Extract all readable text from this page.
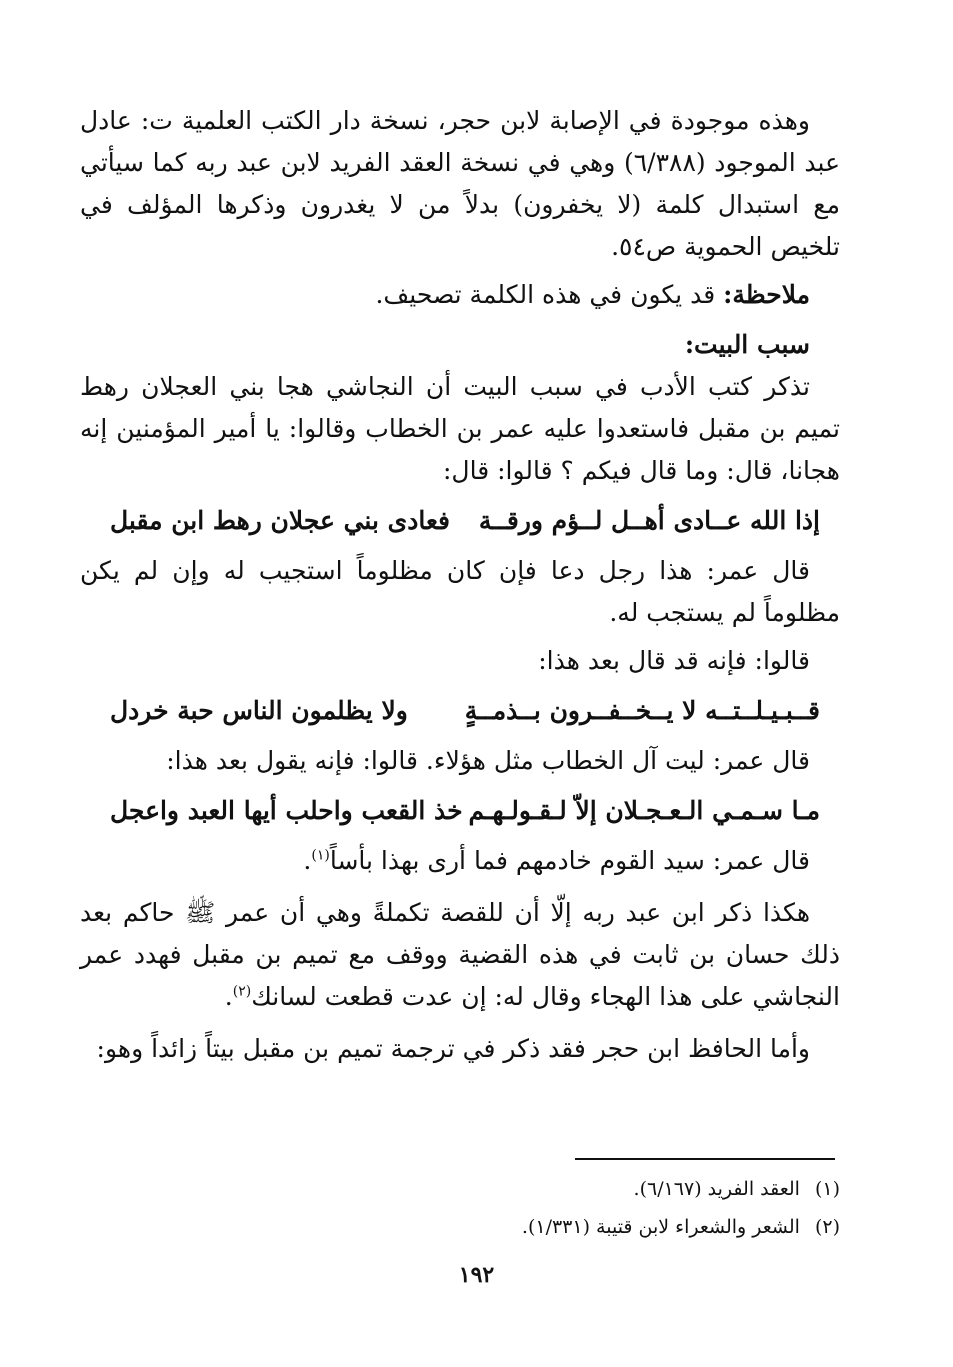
وهذه موجودة في الإصابة لابن حجر، نسخة دار الكتب العلمية ت: عادل عبد الموجود (٦/٣٨٨) وهي في نسخة العقد الفريد لابن عبد ربه كما سيأتي مع استبدال كلمة (لا يخفرون) بدلاً من لا يغدرون وذكرها المؤلف في تلخيص الحموية ص٥٤.

ملاحظة: قد يكون في هذه الكلمة تصحيف.

سبب البيت:

تذكر كتب الأدب في سبب البيت أن النجاشي هجا بني العجلان رهط تميم بن مقبل فاستعدوا عليه عمر بن الخطاب وقالوا: يا أمير المؤمنين إنه هجانا، قال: وما قال فيكم ؟ قالوا: قال:

إذا الله عــادى أهــل لــؤم ورقــة
فعادى بني عجلان رهط ابن مقبل

قال عمر: هذا رجل دعا فإن كان مظلوماً استجيب له وإن لم يكن مظلوماً لم يستجب له.

قالوا: فإنه قد قال بعد هذا:

قــبـيـلــتــه لا يــخــفــرون بــذمــةٍ
ولا يظلمون الناس حبة خردل

قال عمر: ليت آل الخطاب مثل هؤلاء. قالوا: فإنه يقول بعد هذا:

مـا سـمـي الـعـجـلان إلاّ لـقـولـهـم
خذ القعب واحلب أيها العبد واعجل

قال عمر: سيد القوم خادمهم فما أرى بهذا بأساً$^{(١)}$.

هكذا ذكر ابن عبد ربه إلّا أن للقصة تكملةً وهي أن عمر ﷺ حاكم بعد ذلك حسان بن ثابت في هذه القضية ووقف مع تميم بن مقبل فهدد عمر النجاشي على هذا الهجاء وقال له: إن عدت قطعت لسانك$^{(٢)}$.

وأما الحافظ ابن حجر فقد ذكر في ترجمة تميم بن مقبل بيتاً زائداً وهو:

(١) العقد الفريد (٦/١٦٧).

(٢) الشعر والشعراء لابن قتيبة (١/٣٣١).

١٩٢
